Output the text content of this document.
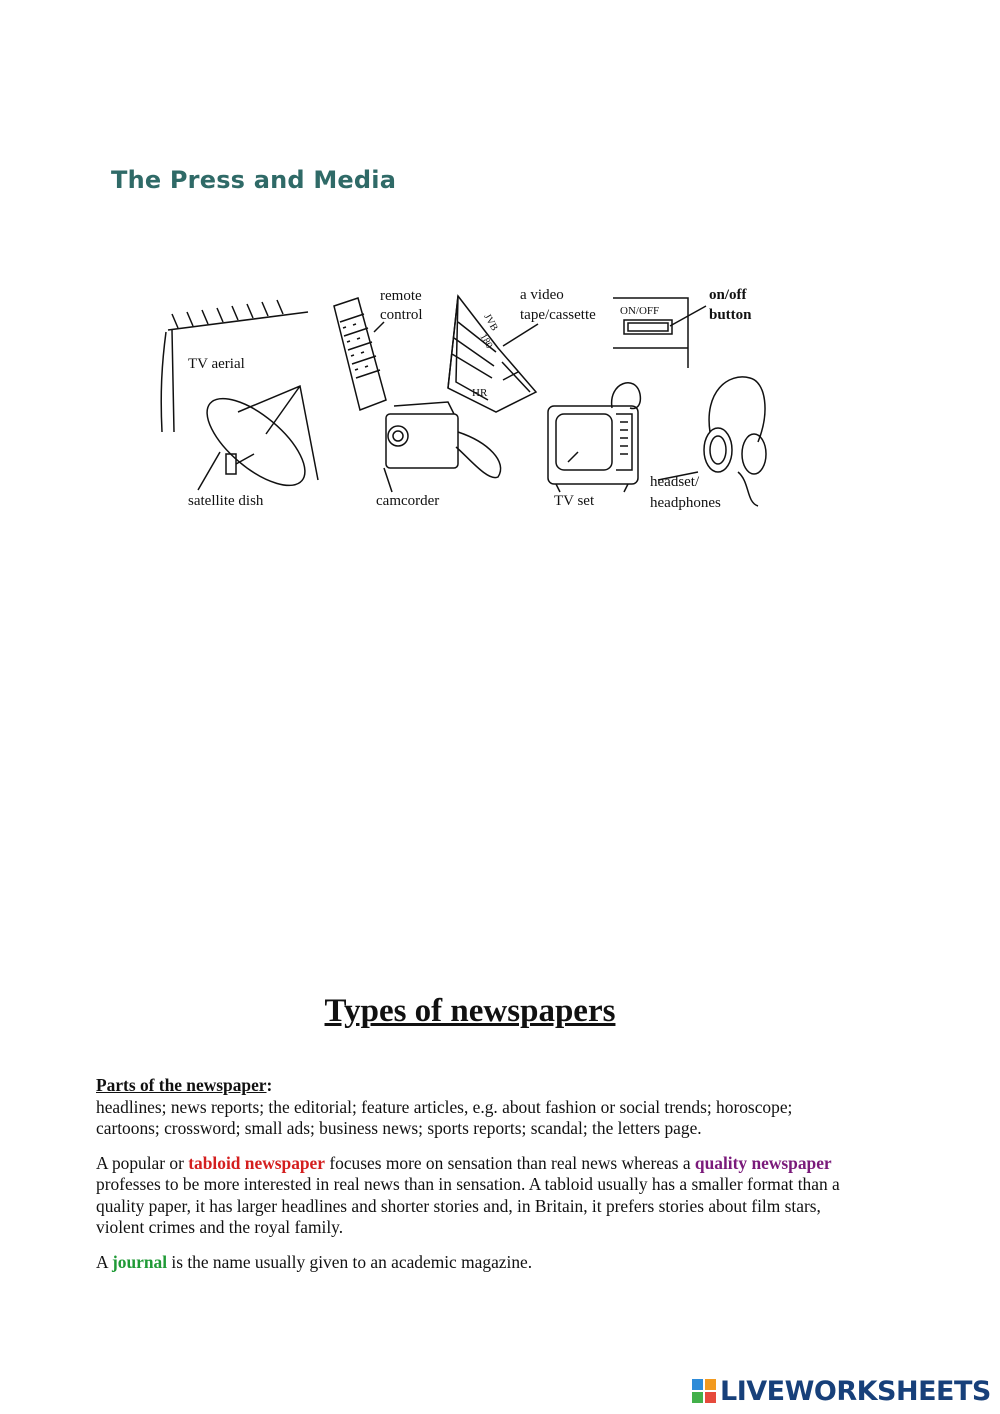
The Press and Media
TV aerial
remote
control
a video
tape/cassette
on/off
button
ON/OFF
JVB
180
HR
satellite dish	camcorder	TV set
headset/
headphones
Types of newspapers
Parts of the newspaper:

headlines; news reports; the editorial; feature articles, e.g. about fashion or social trends; horoscope; cartoons; crossword; small ads; business news; sports reports; scandal; the letters page.

A popular or tabloid newspaper focuses more on sensation than real news whereas a quality newspaper professes to be more interested in real news than in sensation. A tabloid usually has a smaller format than a quality paper, it has larger headlines and shorter stories and, in Britain, it prefers stories about film stars, violent crimes and the royal family.

A journal is the name usually given to an academic magazine.

LIVEWORKSHEETS
